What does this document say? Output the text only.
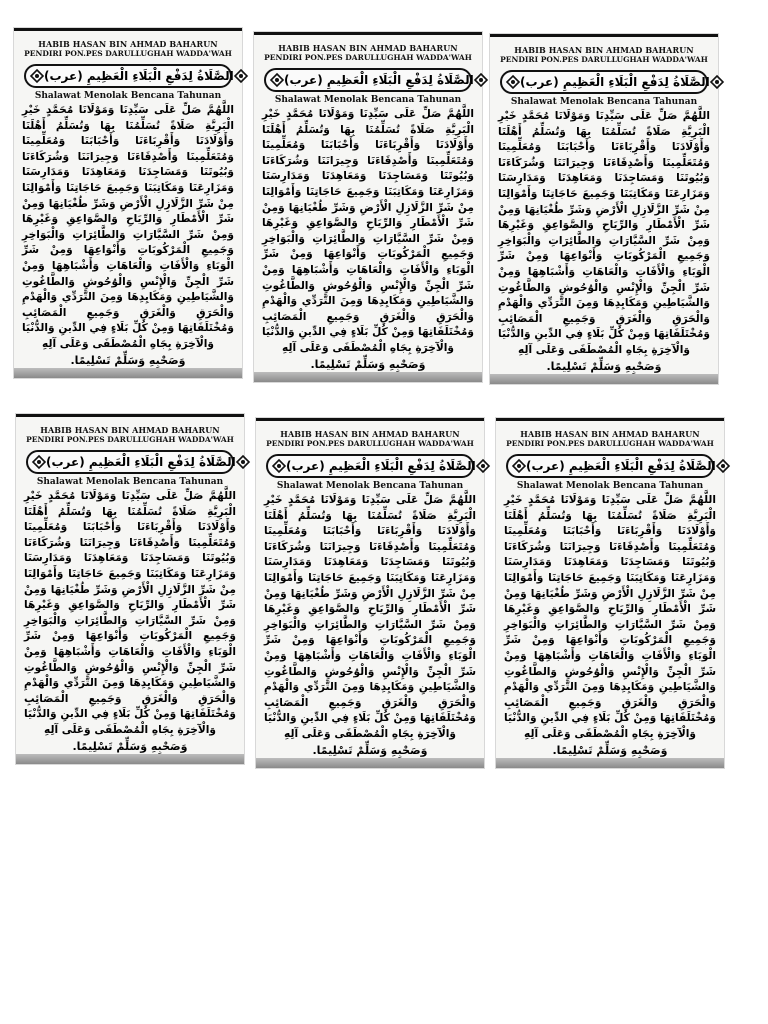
HABIB HASAN BIN AHMAD BAHARUN
PENDIRI PON.PES DARULLUGHAH WADDA'WAH
الصَّلَاةُ لِدَفْعِ الْبَلَاءِ الْعَظِيمِ (عرب)
Shalawat Menolak Bencana Tahunan
اللَّهُمَّ صَلِّ عَلَى سَيِّدِنَا وَمَوْلَانَا مُحَمَّدٍ خَيْرِ الْبَرِيَّةِ صَلَاةً تُسَلِّمُنَا بِهَا وَتُسَلِّمُ أَهْلَنَا وَأَوْلَادَنَا وَأَقْرِبَاءَنَا وَأَحْبَابَنَا وَمُعَلِّمِينَا وَمُتَعَلِّمِينَا وَأَصْدِقَاءَنَا وَجِيرَانَنَا وَشُرَكَاءَنَا وَبُيُوتَنَا وَمَسَاجِدَنَا وَمَعَاهِدَنَا وَمَدَارِسَنَا وَمَزَارِعَنَا وَمَكَاتِبَنَا وَجَمِيعَ حَاجَاتِنَا وَأَمْوَالِنَا مِنْ شَرِّ الزَّلَازِلِ الْأَرْضِ وَشَرِّ طُغْيَانِهَا وَمِنْ شَرِّ الْأَمْطَارِ وَالرِّيَاحِ وَالصَّوَاعِقِ وَغَيْرِهَا وَمِنْ شَرِّ السَّيَّارَاتِ وَالطَّائِرَاتِ وَالْبَوَاخِرِ وَجَمِيعِ الْمَرْكُوبَاتِ وَأَنْوَاعِهَا وَمِنْ شَرِّ الْوَبَاءِ وَالْأَفَاتِ وَالْعَاهَاتِ وَأَشْبَاهِهَا وَمِنْ شَرِّ الْجِنِّ وَالْإِنْسِ وَالْوُحُوشِ وَالطَّاغُوتِ وَالشَّيَاطِينِ وَمَكَايِدِهَا وَمِنَ التَّرَدِّي وَالْهَدْمِ وَالْحَرَقِ وَالْغَرَقِ وَجَمِيعِ الْمَصَائِبِ وَمُخْتَلَفَاتِهَا وَمِنْ كُلِّ بَلَاءٍ فِي الدِّينِ وَالدُّنْيَا وَالْآخِرَةِ بِجَاهِ الْمُصْطَفَى وَعَلَى آلِهِ
وَصَحْبِهِ وَسَلِّمْ تَسْلِيمًا.
HABIB HASAN BIN AHMAD BAHARUN
PENDIRI PON.PES DARULLUGHAH WADDA'WAH
الصَّلَاةُ لِدَفْعِ الْبَلَاءِ الْعَظِيمِ (عرب)
Shalawat Menolak Bencana Tahunan
اللَّهُمَّ صَلِّ عَلَى سَيِّدِنَا وَمَوْلَانَا مُحَمَّدٍ خَيْرِ الْبَرِيَّةِ صَلَاةً تُسَلِّمُنَا بِهَا وَتُسَلِّمُ أَهْلَنَا وَأَوْلَادَنَا وَأَقْرِبَاءَنَا وَأَحْبَابَنَا وَمُعَلِّمِينَا وَمُتَعَلِّمِينَا وَأَصْدِقَاءَنَا وَجِيرَانَنَا وَشُرَكَاءَنَا وَبُيُوتَنَا وَمَسَاجِدَنَا وَمَعَاهِدَنَا وَمَدَارِسَنَا وَمَزَارِعَنَا وَمَكَاتِبَنَا وَجَمِيعَ حَاجَاتِنَا وَأَمْوَالِنَا مِنْ شَرِّ الزَّلَازِلِ الْأَرْضِ وَشَرِّ طُغْيَانِهَا وَمِنْ شَرِّ الْأَمْطَارِ وَالرِّيَاحِ وَالصَّوَاعِقِ وَغَيْرِهَا وَمِنْ شَرِّ السَّيَّارَاتِ وَالطَّائِرَاتِ وَالْبَوَاخِرِ وَجَمِيعِ الْمَرْكُوبَاتِ وَأَنْوَاعِهَا وَمِنْ شَرِّ الْوَبَاءِ وَالْأَفَاتِ وَالْعَاهَاتِ وَأَشْبَاهِهَا وَمِنْ شَرِّ الْجِنِّ وَالْإِنْسِ وَالْوُحُوشِ وَالطَّاغُوتِ وَالشَّيَاطِينِ وَمَكَايِدِهَا وَمِنَ التَّرَدِّي وَالْهَدْمِ وَالْحَرَقِ وَالْغَرَقِ وَجَمِيعِ الْمَصَائِبِ وَمُخْتَلَفَاتِهَا وَمِنْ كُلِّ بَلَاءٍ فِي الدِّينِ وَالدُّنْيَا وَالْآخِرَةِ بِجَاهِ الْمُصْطَفَى وَعَلَى آلِهِ
وَصَحْبِهِ وَسَلِّمْ تَسْلِيمًا.
HABIB HASAN BIN AHMAD BAHARUN
PENDIRI PON.PES DARULLUGHAH WADDA'WAH
الصَّلَاةُ لِدَفْعِ الْبَلَاءِ الْعَظِيمِ (عرب)
Shalawat Menolak Bencana Tahunan
اللَّهُمَّ صَلِّ عَلَى سَيِّدِنَا وَمَوْلَانَا مُحَمَّدٍ خَيْرِ الْبَرِيَّةِ صَلَاةً تُسَلِّمُنَا بِهَا وَتُسَلِّمُ أَهْلَنَا وَأَوْلَادَنَا وَأَقْرِبَاءَنَا وَأَحْبَابَنَا وَمُعَلِّمِينَا وَمُتَعَلِّمِينَا وَأَصْدِقَاءَنَا وَجِيرَانَنَا وَشُرَكَاءَنَا وَبُيُوتَنَا وَمَسَاجِدَنَا وَمَعَاهِدَنَا وَمَدَارِسَنَا وَمَزَارِعَنَا وَمَكَاتِبَنَا وَجَمِيعَ حَاجَاتِنَا وَأَمْوَالِنَا مِنْ شَرِّ الزَّلَازِلِ الْأَرْضِ وَشَرِّ طُغْيَانِهَا وَمِنْ شَرِّ الْأَمْطَارِ وَالرِّيَاحِ وَالصَّوَاعِقِ وَغَيْرِهَا وَمِنْ شَرِّ السَّيَّارَاتِ وَالطَّائِرَاتِ وَالْبَوَاخِرِ وَجَمِيعِ الْمَرْكُوبَاتِ وَأَنْوَاعِهَا وَمِنْ شَرِّ الْوَبَاءِ وَالْأَفَاتِ وَالْعَاهَاتِ وَأَشْبَاهِهَا وَمِنْ شَرِّ الْجِنِّ وَالْإِنْسِ وَالْوُحُوشِ وَالطَّاغُوتِ وَالشَّيَاطِينِ وَمَكَايِدِهَا وَمِنَ التَّرَدِّي وَالْهَدْمِ وَالْحَرَقِ وَالْغَرَقِ وَجَمِيعِ الْمَصَائِبِ وَمُخْتَلَفَاتِهَا وَمِنْ كُلِّ بَلَاءٍ فِي الدِّينِ وَالدُّنْيَا وَالْآخِرَةِ بِجَاهِ الْمُصْطَفَى وَعَلَى آلِهِ
وَصَحْبِهِ وَسَلِّمْ تَسْلِيمًا.
HABIB HASAN BIN AHMAD BAHARUN
PENDIRI PON.PES DARULLUGHAH WADDA'WAH
الصَّلَاةُ لِدَفْعِ الْبَلَاءِ الْعَظِيمِ (عرب)
Shalawat Menolak Bencana Tahunan
اللَّهُمَّ صَلِّ عَلَى سَيِّدِنَا وَمَوْلَانَا مُحَمَّدٍ خَيْرِ الْبَرِيَّةِ صَلَاةً تُسَلِّمُنَا بِهَا وَتُسَلِّمُ أَهْلَنَا وَأَوْلَادَنَا وَأَقْرِبَاءَنَا وَأَحْبَابَنَا وَمُعَلِّمِينَا وَمُتَعَلِّمِينَا وَأَصْدِقَاءَنَا وَجِيرَانَنَا وَشُرَكَاءَنَا وَبُيُوتَنَا وَمَسَاجِدَنَا وَمَعَاهِدَنَا وَمَدَارِسَنَا وَمَزَارِعَنَا وَمَكَاتِبَنَا وَجَمِيعَ حَاجَاتِنَا وَأَمْوَالِنَا مِنْ شَرِّ الزَّلَازِلِ الْأَرْضِ وَشَرِّ طُغْيَانِهَا وَمِنْ شَرِّ الْأَمْطَارِ وَالرِّيَاحِ وَالصَّوَاعِقِ وَغَيْرِهَا وَمِنْ شَرِّ السَّيَّارَاتِ وَالطَّائِرَاتِ وَالْبَوَاخِرِ وَجَمِيعِ الْمَرْكُوبَاتِ وَأَنْوَاعِهَا وَمِنْ شَرِّ الْوَبَاءِ وَالْأَفَاتِ وَالْعَاهَاتِ وَأَشْبَاهِهَا وَمِنْ شَرِّ الْجِنِّ وَالْإِنْسِ وَالْوُحُوشِ وَالطَّاغُوتِ وَالشَّيَاطِينِ وَمَكَايِدِهَا وَمِنَ التَّرَدِّي وَالْهَدْمِ وَالْحَرَقِ وَالْغَرَقِ وَجَمِيعِ الْمَصَائِبِ وَمُخْتَلَفَاتِهَا وَمِنْ كُلِّ بَلَاءٍ فِي الدِّينِ وَالدُّنْيَا وَالْآخِرَةِ بِجَاهِ الْمُصْطَفَى وَعَلَى آلِهِ
وَصَحْبِهِ وَسَلِّمْ تَسْلِيمًا.
HABIB HASAN BIN AHMAD BAHARUN
PENDIRI PON.PES DARULLUGHAH WADDA'WAH
الصَّلَاةُ لِدَفْعِ الْبَلَاءِ الْعَظِيمِ (عرب)
Shalawat Menolak Bencana Tahunan
اللَّهُمَّ صَلِّ عَلَى سَيِّدِنَا وَمَوْلَانَا مُحَمَّدٍ خَيْرِ الْبَرِيَّةِ صَلَاةً تُسَلِّمُنَا بِهَا وَتُسَلِّمُ أَهْلَنَا وَأَوْلَادَنَا وَأَقْرِبَاءَنَا وَأَحْبَابَنَا وَمُعَلِّمِينَا وَمُتَعَلِّمِينَا وَأَصْدِقَاءَنَا وَجِيرَانَنَا وَشُرَكَاءَنَا وَبُيُوتَنَا وَمَسَاجِدَنَا وَمَعَاهِدَنَا وَمَدَارِسَنَا وَمَزَارِعَنَا وَمَكَاتِبَنَا وَجَمِيعَ حَاجَاتِنَا وَأَمْوَالِنَا مِنْ شَرِّ الزَّلَازِلِ الْأَرْضِ وَشَرِّ طُغْيَانِهَا وَمِنْ شَرِّ الْأَمْطَارِ وَالرِّيَاحِ وَالصَّوَاعِقِ وَغَيْرِهَا وَمِنْ شَرِّ السَّيَّارَاتِ وَالطَّائِرَاتِ وَالْبَوَاخِرِ وَجَمِيعِ الْمَرْكُوبَاتِ وَأَنْوَاعِهَا وَمِنْ شَرِّ الْوَبَاءِ وَالْأَفَاتِ وَالْعَاهَاتِ وَأَشْبَاهِهَا وَمِنْ شَرِّ الْجِنِّ وَالْإِنْسِ وَالْوُحُوشِ وَالطَّاغُوتِ وَالشَّيَاطِينِ وَمَكَايِدِهَا وَمِنَ التَّرَدِّي وَالْهَدْمِ وَالْحَرَقِ وَالْغَرَقِ وَجَمِيعِ الْمَصَائِبِ وَمُخْتَلَفَاتِهَا وَمِنْ كُلِّ بَلَاءٍ فِي الدِّينِ وَالدُّنْيَا وَالْآخِرَةِ بِجَاهِ الْمُصْطَفَى وَعَلَى آلِهِ
وَصَحْبِهِ وَسَلِّمْ تَسْلِيمًا.
HABIB HASAN BIN AHMAD BAHARUN
PENDIRI PON.PES DARULLUGHAH WADDA'WAH
الصَّلَاةُ لِدَفْعِ الْبَلَاءِ الْعَظِيمِ (عرب)
Shalawat Menolak Bencana Tahunan
اللَّهُمَّ صَلِّ عَلَى سَيِّدِنَا وَمَوْلَانَا مُحَمَّدٍ خَيْرِ الْبَرِيَّةِ صَلَاةً تُسَلِّمُنَا بِهَا وَتُسَلِّمُ أَهْلَنَا وَأَوْلَادَنَا وَأَقْرِبَاءَنَا وَأَحْبَابَنَا وَمُعَلِّمِينَا وَمُتَعَلِّمِينَا وَأَصْدِقَاءَنَا وَجِيرَانَنَا وَشُرَكَاءَنَا وَبُيُوتَنَا وَمَسَاجِدَنَا وَمَعَاهِدَنَا وَمَدَارِسَنَا وَمَزَارِعَنَا وَمَكَاتِبَنَا وَجَمِيعَ حَاجَاتِنَا وَأَمْوَالِنَا مِنْ شَرِّ الزَّلَازِلِ الْأَرْضِ وَشَرِّ طُغْيَانِهَا وَمِنْ شَرِّ الْأَمْطَارِ وَالرِّيَاحِ وَالصَّوَاعِقِ وَغَيْرِهَا وَمِنْ شَرِّ السَّيَّارَاتِ وَالطَّائِرَاتِ وَالْبَوَاخِرِ وَجَمِيعِ الْمَرْكُوبَاتِ وَأَنْوَاعِهَا وَمِنْ شَرِّ الْوَبَاءِ وَالْأَفَاتِ وَالْعَاهَاتِ وَأَشْبَاهِهَا وَمِنْ شَرِّ الْجِنِّ وَالْإِنْسِ وَالْوُحُوشِ وَالطَّاغُوتِ وَالشَّيَاطِينِ وَمَكَايِدِهَا وَمِنَ التَّرَدِّي وَالْهَدْمِ وَالْحَرَقِ وَالْغَرَقِ وَجَمِيعِ الْمَصَائِبِ وَمُخْتَلَفَاتِهَا وَمِنْ كُلِّ بَلَاءٍ فِي الدِّينِ وَالدُّنْيَا وَالْآخِرَةِ بِجَاهِ الْمُصْطَفَى وَعَلَى آلِهِ
وَصَحْبِهِ وَسَلِّمْ تَسْلِيمًا.
